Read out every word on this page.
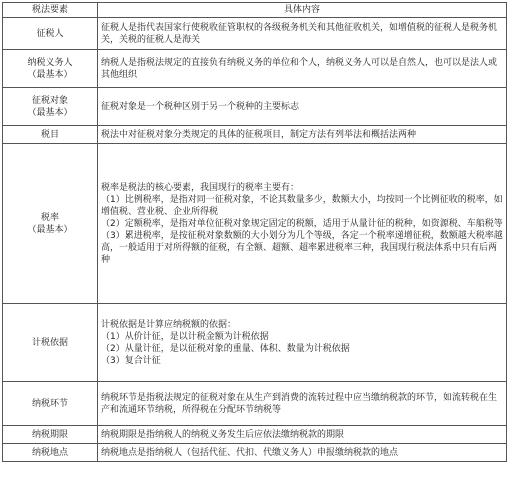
税法要素	具体内容
征税人	征税人是指代表国家行使税收征管职权的各级税务机关和其他征收机关，如增值税的征税人是税务机关，关税的征税人是海关

纳税义务人
（最基本）	纳税人是指税法规定的直接负有纳税义务的单位和个人，纳税义务人可以是自然人，也可以是法人或其他组织

征税对象
（最基本）	征税对象是一个税种区别于另一个税种的主要标志

税目	税法中对征税对象分类规定的具体的征税项目，制定方法有列举法和概括法两种

税率
（最基本）	税率是税法的核心要素，我国现行的税率主要有：
（1）比例税率，是指对同一征税对象，不论其数量多少，数额大小，均按同一个比例征收的税率，如增值税、营业税、企业所得税
（2）定额税率，是指对单位征税对象规定固定的税额，适用于从量计征的税种，如资源税、车船税等
（3）累进税率，是按征税对象数额的大小划分为几个等级，各定一个税率递增征税，数额越大税率越高，一般适用于对所得额的征税，有全额、超额、超率累进税率三种，我国现行税法体系中只有后两种

计税依据	计税依据是计算应纳税额的依据：
（1）从价计征，是以计税金额为计税依据
（2）从量计征，是以征税对象的重量、体积、数量为计税依据
（3）复合计征

纳税环节	纳税环节是指税法规定的征税对象在从生产到消费的流转过程中应当缴纳税款的环节，如流转税在生产和流通环节纳税，所得税在分配环节纳税等

纳税期限	纳税期限是指纳税人的纳税义务发生后应依法缴纳税款的期限

纳税地点	纳税地点是指纳税人（包括代征、代扣、代缴义务人）申报缴纳税款的地点
